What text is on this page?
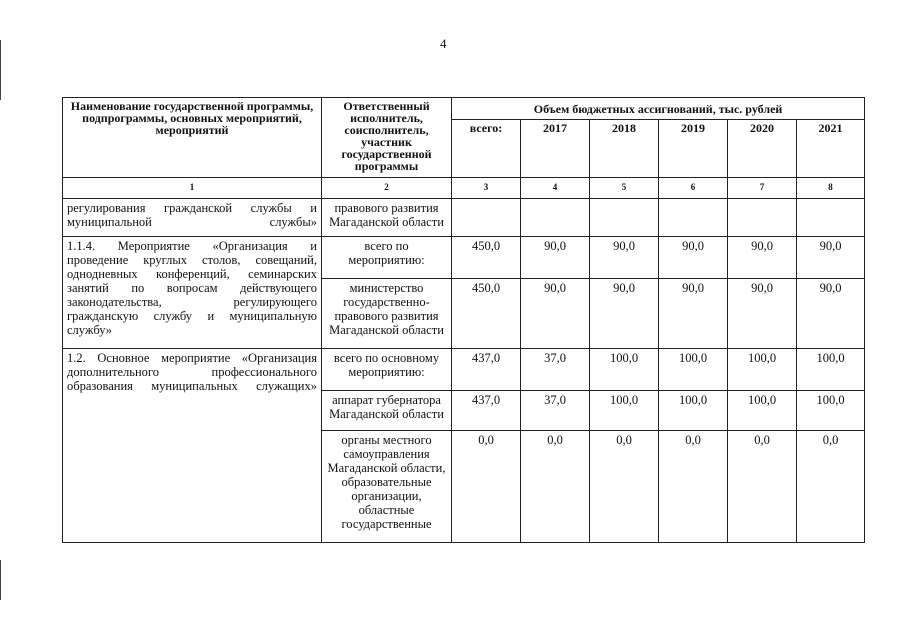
4
Наименование государственной программы, подпрограммы, основных мероприятий, мероприятий	Ответственный исполнитель, соисполнитель, участник государственной программы	Объем бюджетных ассигнований, тыс. рублей					
		всего:	2017	2018	2019	2020	2021
1	2	3	4	5	6	7	8
регулирования гражданской службы и муниципальной службы»	правового развития Магаданской области						
1.1.4. Мероприятие «Организация и проведение круглых столов, совещаний, однодневных конференций, семинарских занятий по вопросам действующего законодательства, регулирующего гражданскую службу и муниципальную службу»	всего по мероприятию:	450,0	90,0	90,0	90,0	90,0	90,0
	министерство государственно-правового развития Магаданской области	450,0	90,0	90,0	90,0	90,0	90,0
1.2. Основное мероприятие «Организация дополнительного профессионального образования муниципальных служащих»	всего по основному мероприятию:	437,0	37,0	100,0	100,0	100,0	100,0
	аппарат губернатора Магаданской области	437,0	37,0	100,0	100,0	100,0	100,0
	органы местного самоуправления Магаданской области, образовательные организации, областные государственные	0,0	0,0	0,0	0,0	0,0	0,0
